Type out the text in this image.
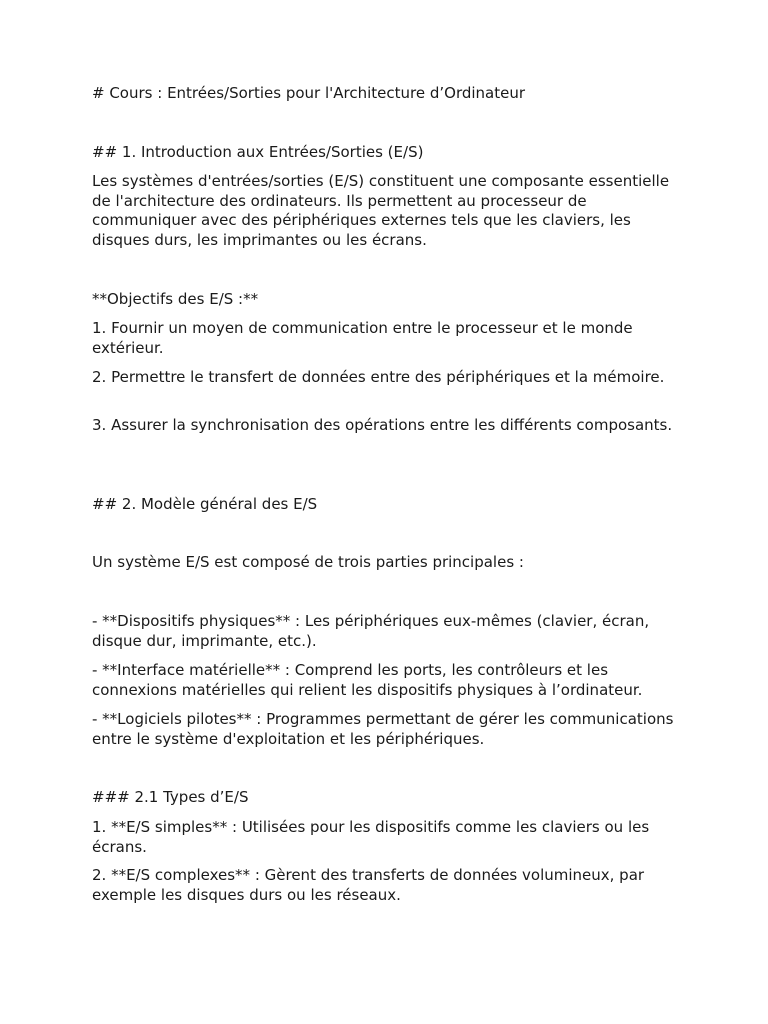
# Cours : Entrées/Sorties pour l'Architecture d’Ordinateur

## 1. Introduction aux Entrées/Sorties (E/S)

Les systèmes d'entrées/sorties (E/S) constituent une composante essentielle de l'architecture des ordinateurs. Ils permettent au processeur de communiquer avec des périphériques externes tels que les claviers, les disques durs, les imprimantes ou les écrans.

**Objectifs des E/S :**

1. Fournir un moyen de communication entre le processeur et le monde extérieur.

2. Permettre le transfert de données entre des périphériques et la mémoire.

3. Assurer la synchronisation des opérations entre les différents composants.

## 2. Modèle général des E/S

Un système E/S est composé de trois parties principales :

- **Dispositifs physiques** : Les périphériques eux-mêmes (clavier, écran, disque dur, imprimante, etc.).

- **Interface matérielle** : Comprend les ports, les contrôleurs et les connexions matérielles qui relient les dispositifs physiques à l’ordinateur.

- **Logiciels pilotes** : Programmes permettant de gérer les communications entre le système d'exploitation et les périphériques.

### 2.1 Types d’E/S

1. **E/S simples** : Utilisées pour les dispositifs comme les claviers ou les écrans.

2. **E/S complexes** : Gèrent des transferts de données volumineux, par exemple les disques durs ou les réseaux.
